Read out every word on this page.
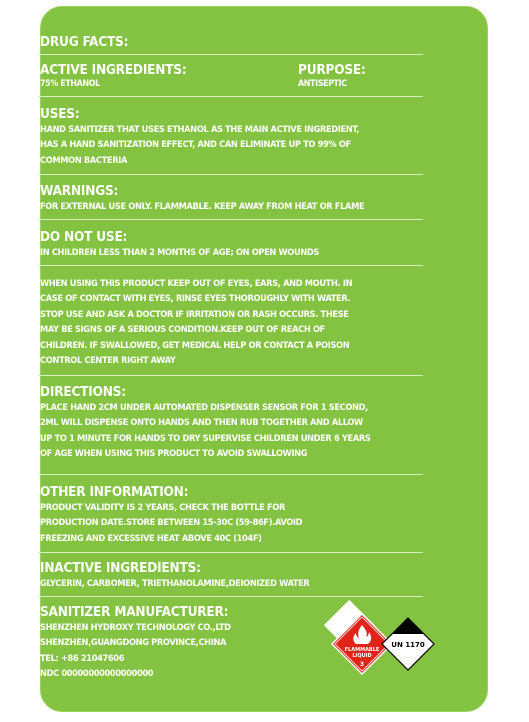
DRUG FACTS:
ACTIVE INGREDIENTS:
75% ETHANOL
PURPOSE:
ANTISEPTIC
USES:
HAND SANITIZER THAT USES ETHANOL AS THE MAIN ACTIVE INGREDIENT,
HAS A HAND SANITIZATION EFFECT, AND CAN ELIMINATE UP TO 99% OF
COMMON BACTERIA
WARNINGS:
FOR EXTERNAL USE ONLY. FLAMMABLE. KEEP AWAY FROM HEAT OR FLAME
DO NOT USE:
IN CHILDREN LESS THAN 2 MONTHS OF AGE; ON OPEN WOUNDS
WHEN USING THIS PRODUCT KEEP OUT OF EYES, EARS, AND MOUTH. IN
CASE OF CONTACT WITH EYES, RINSE EYES THOROUGHLY WITH WATER.
STOP USE AND ASK A DOCTOR IF IRRITATION OR RASH OCCURS. THESE
MAY BE SIGNS OF A SERIOUS CONDITION.KEEP OUT OF REACH OF
CHILDREN. IF SWALLOWED, GET MEDICAL HELP OR CONTACT A POISON
CONTROL CENTER RIGHT AWAY
DIRECTIONS:
PLACE HAND 2CM UNDER AUTOMATED DISPENSER SENSOR FOR 1 SECOND,
2ML WILL DISPENSE ONTO HANDS AND THEN RUB TOGETHER AND ALLOW
UP TO 1 MINUTE FOR HANDS TO DRY SUPERVISE CHILDREN UNDER 6 YEARS
OF AGE WHEN USING THIS PRODUCT TO AVOID SWALLOWING
OTHER INFORMATION:
PRODUCT VALIDITY IS 2 YEARS, CHECK THE BOTTLE FOR
PRODUCTION DATE.STORE BETWEEN 15-30C (59-86F).AVOID
FREEZING AND EXCESSIVE HEAT ABOVE 40C (104F)
INACTIVE INGREDIENTS:
GLYCERIN, CARBOMER, TRIETHANOLAMINE,DEIONIZED WATER
SANITIZER MANUFACTURER:
SHENZHEN HYDROXY TECHNOLOGY CO.,LTD
SHENZHEN,GUANGDONG PROVINCE,CHINA
TEL: +86 21047606
NDC 00000000000000000
FLAMMABLE
LIQUID
3
UN 1170
